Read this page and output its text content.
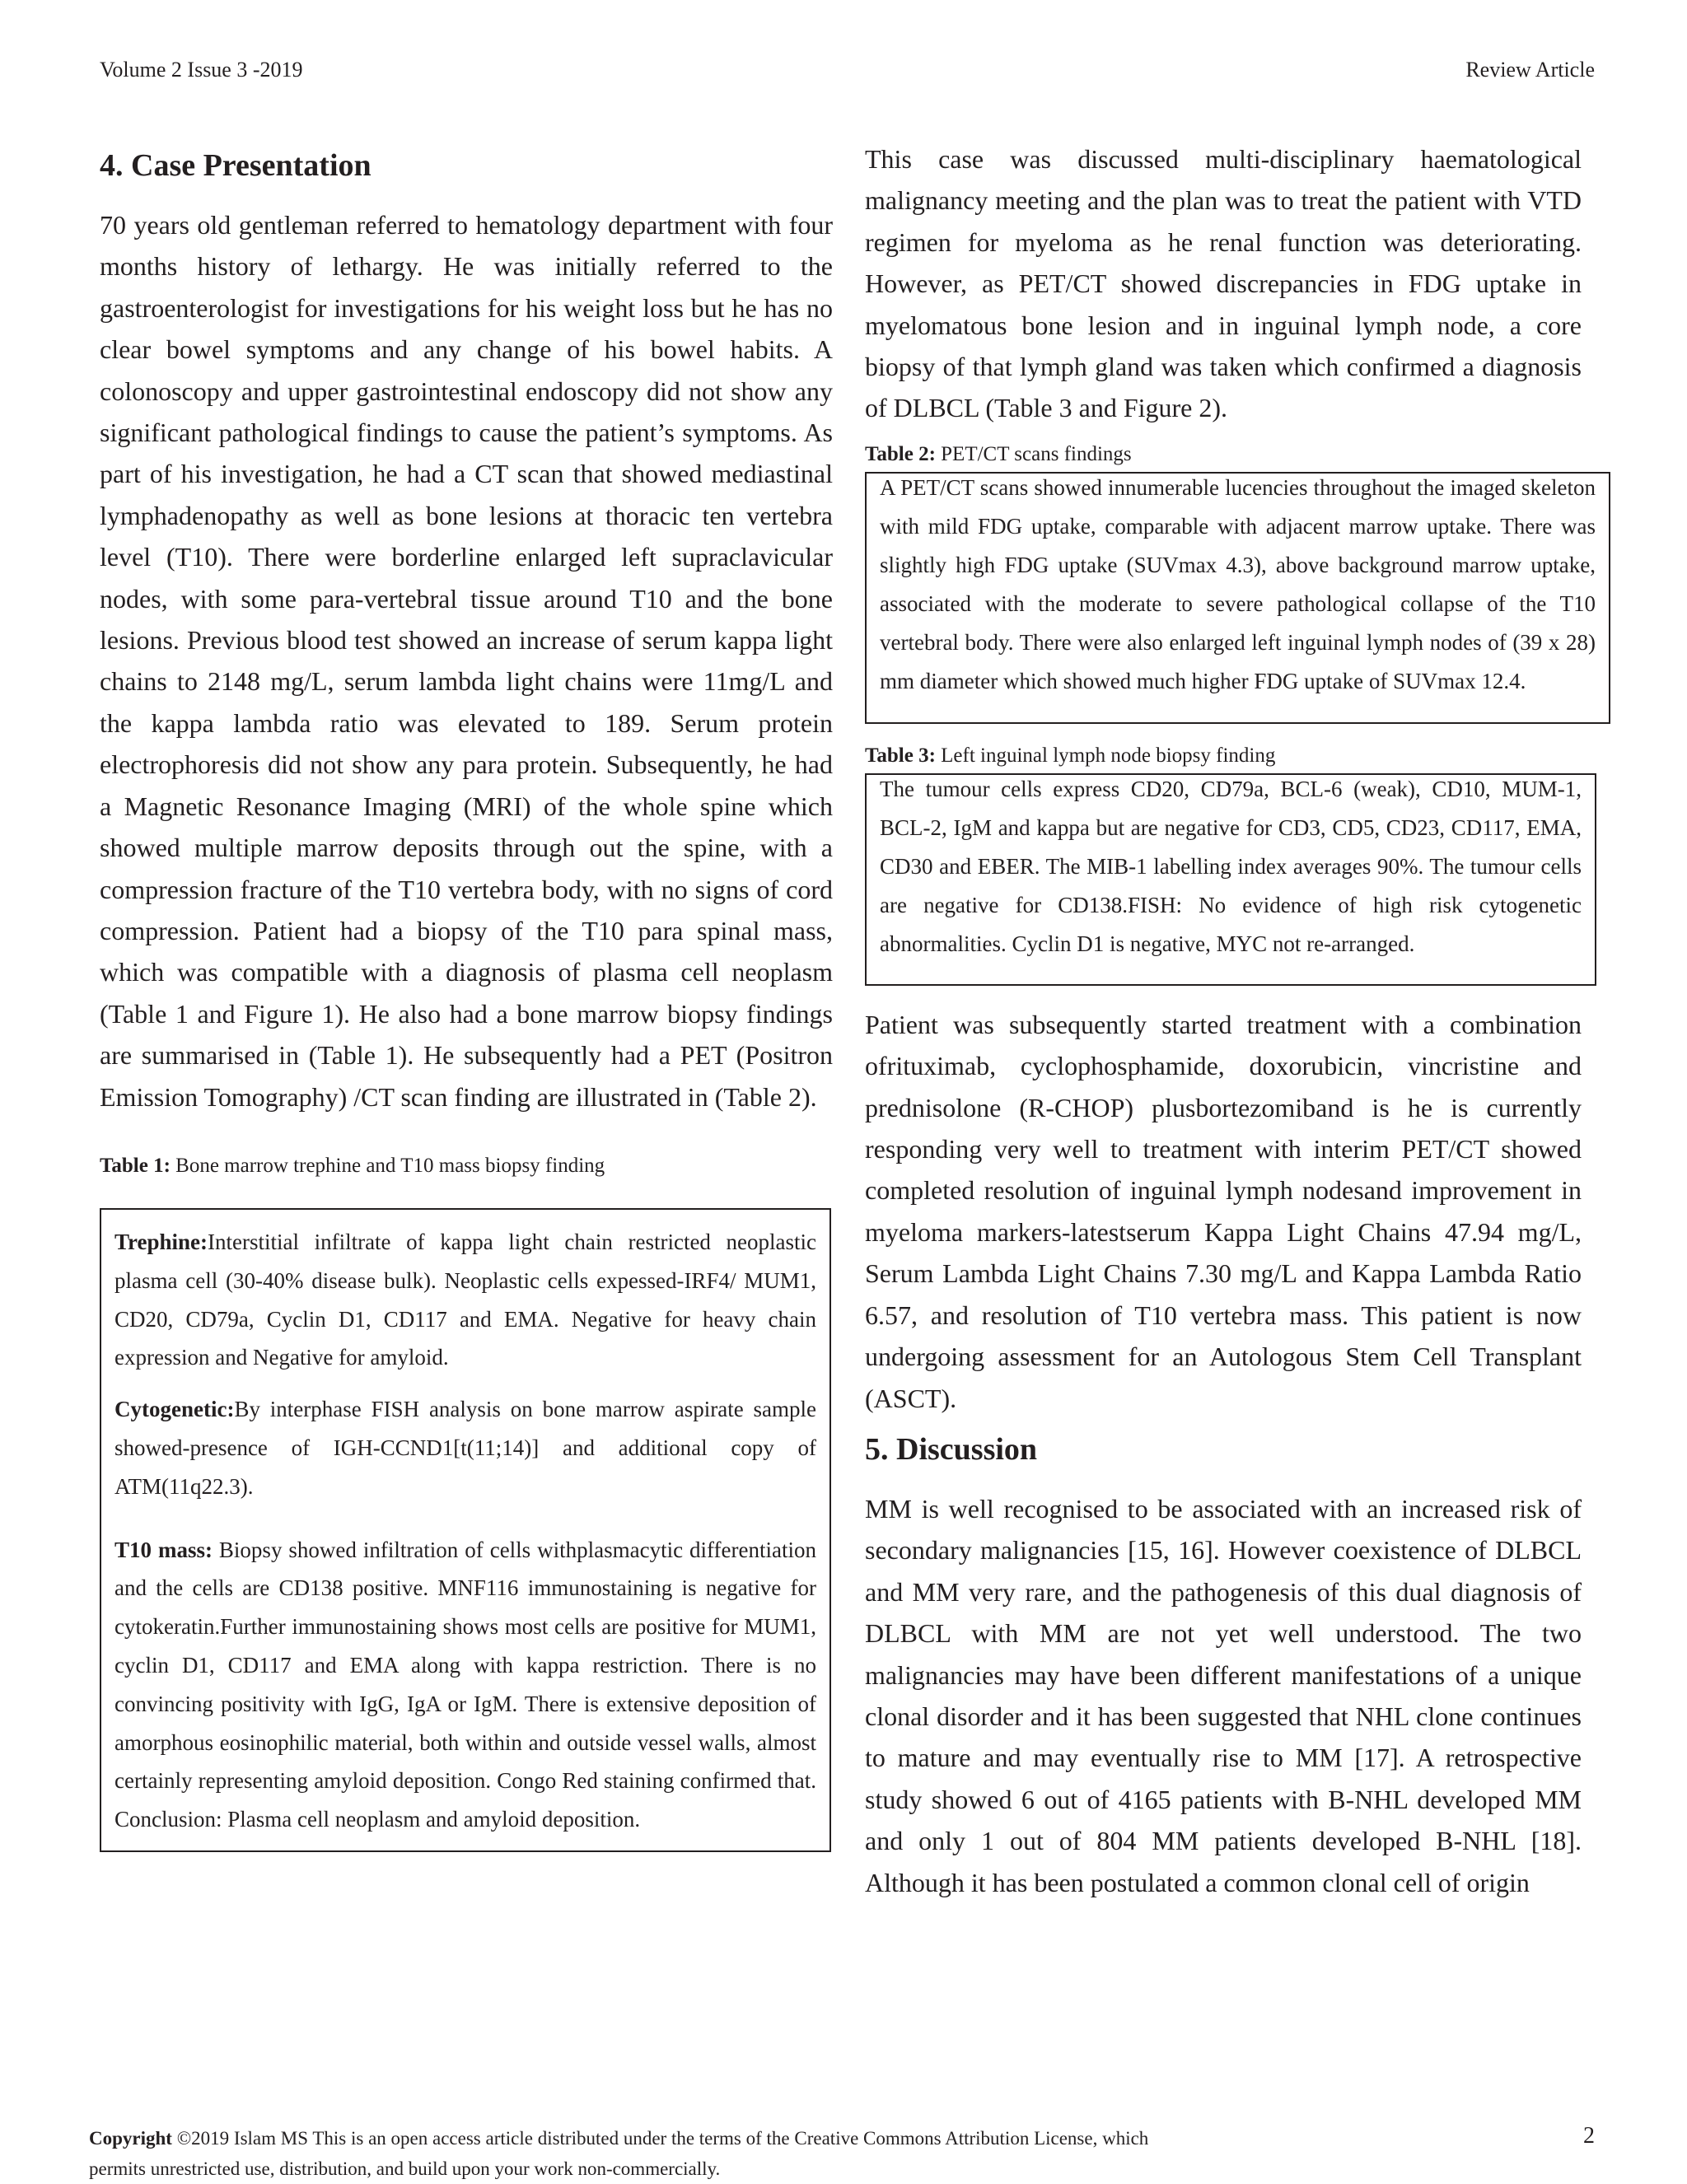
Volume 2 Issue 3 -2019	Review Article
4. Case Presentation

70 years old gentleman referred to hematology department with four months history of lethargy. He was initially referred to the gastroenterologist for investigations for his weight loss but he has no clear bowel symptoms and any change of his bowel habits. A colonoscopy and upper gastrointestinal endoscopy did not show any significant pathological findings to cause the patient’s symptoms. As part of his investigation, he had a CT scan that showed mediastinal lymphadenopathy as well as bone lesions at thoracic ten vertebra level (T10). There were borderline enlarged left supraclavicular nodes, with some para-vertebral tissue around T10 and the bone lesions. Previous blood test showed an increase of serum kappa light chains to 2148 mg/L, serum lambda light chains were 11mg/L and the kappa lambda ratio was elevated to 189. Serum protein electrophoresis did not show any para protein. Subsequently, he had a Magnetic Resonance Imaging (MRI) of the whole spine which showed multiple marrow deposits through out the spine, with a compression fracture of the T10 vertebra body, with no signs of cord compression. Patient had a biopsy of the T10 para spinal mass, which was compatible with a diagnosis of plasma cell neoplasm (Table 1 and Figure 1). He also had a bone marrow biopsy findings are summarised in (Table 1). He subsequently had a PET (Positron Emission Tomography) /CT scan finding are illustrated in (Table 2).

Table 1: Bone marrow trephine and T10 mass biopsy finding

Trephine:Interstitial infiltrate of kappa light chain restricted neoplastic plasma cell (30-40% disease bulk). Neoplastic cells expessed-IRF4/ MUM1, CD20, CD79a, Cyclin D1, CD117 and EMA. Negative for heavy chain expression and Negative for amyloid.

Cytogenetic:By interphase FISH analysis on bone marrow aspirate sample showed-presence of IGH-CCND1[t(11;14)] and additional copy of ATM(11q22.3).

T10 mass: Biopsy showed infiltration of cells withplasmacytic differentiation and the cells are CD138 positive. MNF116 immunostaining is negative for cytokeratin.Further immunostaining shows most cells are positive for MUM1, cyclin D1, CD117 and EMA along with kappa restriction. There is no convincing positivity with IgG, IgA or IgM. There is extensive deposition of amorphous eosinophilic material, both within and outside vessel walls, almost certainly representing amyloid deposition. Congo Red staining confirmed that. Conclusion: Plasma cell neoplasm and amyloid deposition.

This case was discussed multi-disciplinary haematological malignancy meeting and the plan was to treat the patient with VTD regimen for myeloma as he renal function was deteriorating. However, as PET/CT showed discrepancies in FDG uptake in myelomatous bone lesion and in inguinal lymph node, a core biopsy of that lymph gland was taken which confirmed a diagnosis of DLBCL (Table 3 and Figure 2).

Table 2: PET/CT scans findings

A PET/CT scans showed innumerable lucencies throughout the imaged skeleton with mild FDG uptake, comparable with adjacent marrow uptake. There was slightly high FDG uptake (SUVmax 4.3), above background marrow uptake, associated with the moderate to severe pathological collapse of the T10 vertebral body. There were also enlarged left inguinal lymph nodes of (39 x 28) mm diameter which showed much higher FDG uptake of SUVmax 12.4.

Table 3: Left inguinal lymph node biopsy finding

The tumour cells express CD20, CD79a, BCL-6 (weak), CD10, MUM-1, BCL-2, IgM and kappa but are negative for CD3, CD5, CD23, CD117, EMA, CD30 and EBER. The MIB-1 labelling index averages 90%. The tumour cells are negative for CD138.FISH: No evidence of high risk cytogenetic abnormalities. Cyclin D1 is negative, MYC not re-arranged.

Patient was subsequently started treatment with a combination ofrituximab, cyclophosphamide, doxorubicin, vincristine and prednisolone (R-CHOP) plusbortezomiband is he is currently responding very well to treatment with interim PET/CT showed completed resolution of inguinal lymph nodesand improvement in myeloma markers-latestserum Kappa Light Chains 47.94 mg/L, Serum Lambda Light Chains 7.30 mg/L and Kappa Lambda Ratio 6.57, and resolution of T10 vertebra mass. This patient is now undergoing assessment for an Autologous Stem Cell Transplant (ASCT).

5. Discussion

MM is well recognised to be associated with an increased risk of secondary malignancies [15, 16]. However coexistence of DLBCL and MM very rare, and the pathogenesis of this dual diagnosis of DLBCL with MM are not yet well understood. The two malignancies may have been different manifestations of a unique clonal disorder and it has been suggested that NHL clone continues to mature and may eventually rise to MM [17]. A retrospective study showed 6 out of 4165 patients with B-NHL developed MM and only 1 out of 804 MM patients developed B-NHL [18]. Although it has been postulated a common clonal cell of origin

Copyright ©2019 Islam MS This is an open access article distributed under the terms of the Creative Commons Attribution License, which permits unrestricted use, distribution, and build upon your work non-commercially.
2
